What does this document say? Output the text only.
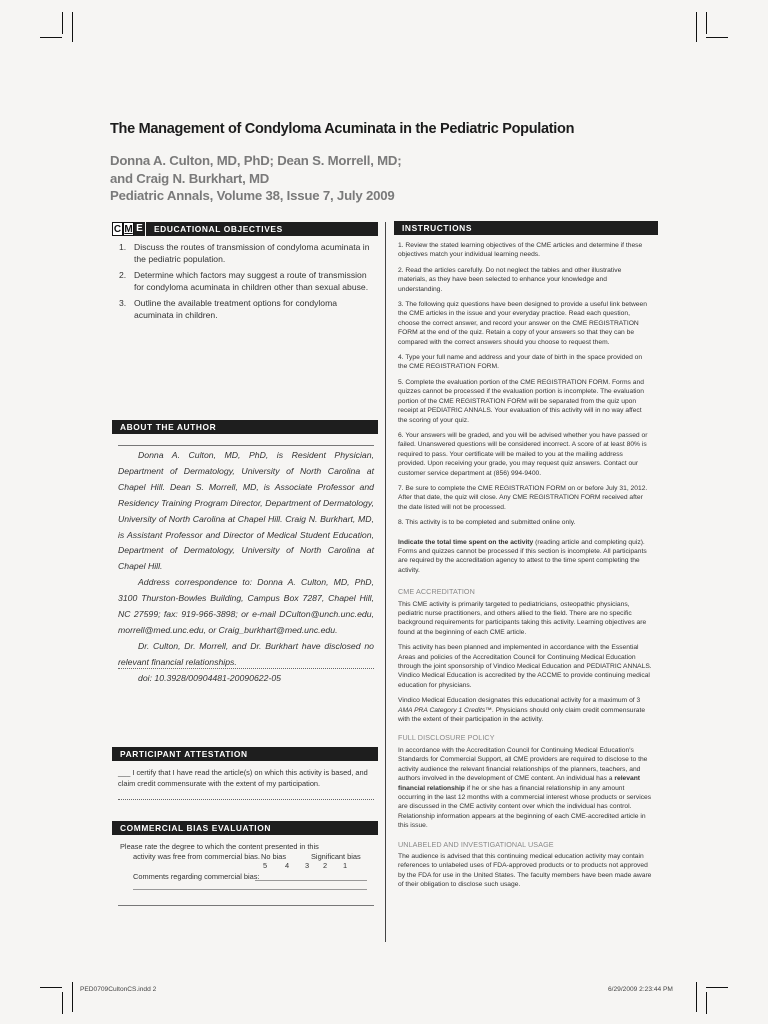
The Management of Condyloma Acuminata in the Pediatric Population
Donna A. Culton, MD, PhD; Dean S. Morrell, MD;
and Craig N. Burkhart, MD
Pediatric Annals, Volume 38, Issue 7, July 2009
C M E	EDUCATIONAL OBJECTIVES
1. Discuss the routes of transmission of condyloma acuminata in the pediatric population.
2. Determine which factors may suggest a route of transmission for condyloma acuminata in children other than sexual abuse.
3. Outline the available treatment options for condyloma acuminata in children.
ABOUT THE AUTHOR

Donna A. Culton, MD, PhD, is Resident Physician, Department of Dermatology, University of North Carolina at Chapel Hill. Dean S. Morrell, MD, is Associate Professor and Residency Training Program Director, Department of Dermatology, University of North Carolina at Chapel Hill. Craig N. Burkhart, MD, is Assistant Professor and Director of Medical Student Education, Department of Dermatology, University of North Carolina at Chapel Hill.

Address correspondence to: Donna A. Culton, MD, PhD, 3100 Thurston-Bowles Building, Campus Box 7287, Chapel Hill, NC 27599; fax: 919-966-3898; or e-mail DCulton@unch.unc.edu, morrell@med.unc.edu, or Craig_burkhart@med.unc.edu.

Dr. Culton, Dr. Morrell, and Dr. Burkhart have disclosed no relevant financial relationships.

doi: 10.3928/00904481-20090622-05

PARTICIPANT ATTESTATION
___ I certify that I have read the article(s) on which this activity is based, and claim credit commensurate with the extent of my participation.
COMMERCIAL BIAS EVALUATION
Please rate the degree to which the content presented in this
activity was free from commercial bias. No bias	Significant bias
5 4 3 2 1
Comments regarding commercial bias:
INSTRUCTIONS

1. Review the stated learning objectives of the CME articles and determine if these objectives match your individual learning needs.

2. Read the articles carefully. Do not neglect the tables and other illustrative materials, as they have been selected to enhance your knowledge and understanding.

3. The following quiz questions have been designed to provide a useful link between the CME articles in the issue and your everyday practice. Read each question, choose the correct answer, and record your answer on the CME REGISTRATION FORM at the end of the quiz. Retain a copy of your answers so that they can be compared with the correct answers should you choose to request them.

4. Type your full name and address and your date of birth in the space provided on the CME REGISTRATION FORM.

5. Complete the evaluation portion of the CME REGISTRATION FORM. Forms and quizzes cannot be processed if the evaluation portion is incomplete. The evaluation portion of the CME REGISTRATION FORM will be separated from the quiz upon receipt at PEDIATRIC ANNALS. Your evaluation of this activity will in no way affect the scoring of your quiz.

6. Your answers will be graded, and you will be advised whether you have passed or failed. Unanswered questions will be considered incorrect. A score of at least 80% is required to pass. Your certificate will be mailed to you at the mailing address provided. Upon receiving your grade, you may request quiz answers. Contact our customer service department at (856) 994-9400.

7. Be sure to complete the CME REGISTRATION FORM on or before July 31, 2012. After that date, the quiz will close. Any CME REGISTRATION FORM received after the date listed will not be processed.

8. This activity is to be completed and submitted online only.

Indicate the total time spent on the activity (reading article and completing quiz). Forms and quizzes cannot be processed if this section is incomplete. All participants are required by the accreditation agency to attest to the time spent completing the activity.

CME ACCREDITATION

This CME activity is primarily targeted to pediatricians, osteopathic physicians, pediatric nurse practitioners, and others allied to the field. There are no specific background requirements for participants taking this activity. Learning objectives are found at the beginning of each CME article.

This activity has been planned and implemented in accordance with the Essential Areas and policies of the Accreditation Council for Continuing Medical Education through the joint sponsorship of Vindico Medical Education and PEDIATRIC ANNALS. Vindico Medical Education is accredited by the ACCME to provide continuing medical education for physicians.

Vindico Medical Education designates this educational activity for a maximum of 3 AMA PRA Category 1 Credits™. Physicians should only claim credit commensurate with the extent of their participation in the activity.

FULL DISCLOSURE POLICY

In accordance with the Accreditation Council for Continuing Medical Education's Standards for Commercial Support, all CME providers are required to disclose to the activity audience the relevant financial relationships of the planners, teachers, and authors involved in the development of CME content. An individual has a relevant financial relationship if he or she has a financial relationship in any amount occurring in the last 12 months with a commercial interest whose products or services are discussed in the CME activity content over which the individual has control. Relationship information appears at the beginning of each CME-accredited article in this issue.

UNLABELED AND INVESTIGATIONAL USAGE

The audience is advised that this continuing medical education activity may contain references to unlabeled uses of FDA-approved products or to products not approved by the FDA for use in the United States. The faculty members have been made aware of their obligation to disclose such usage.

PED0709CultonCS.indd 2	6/29/2009 2:23:44 PM
